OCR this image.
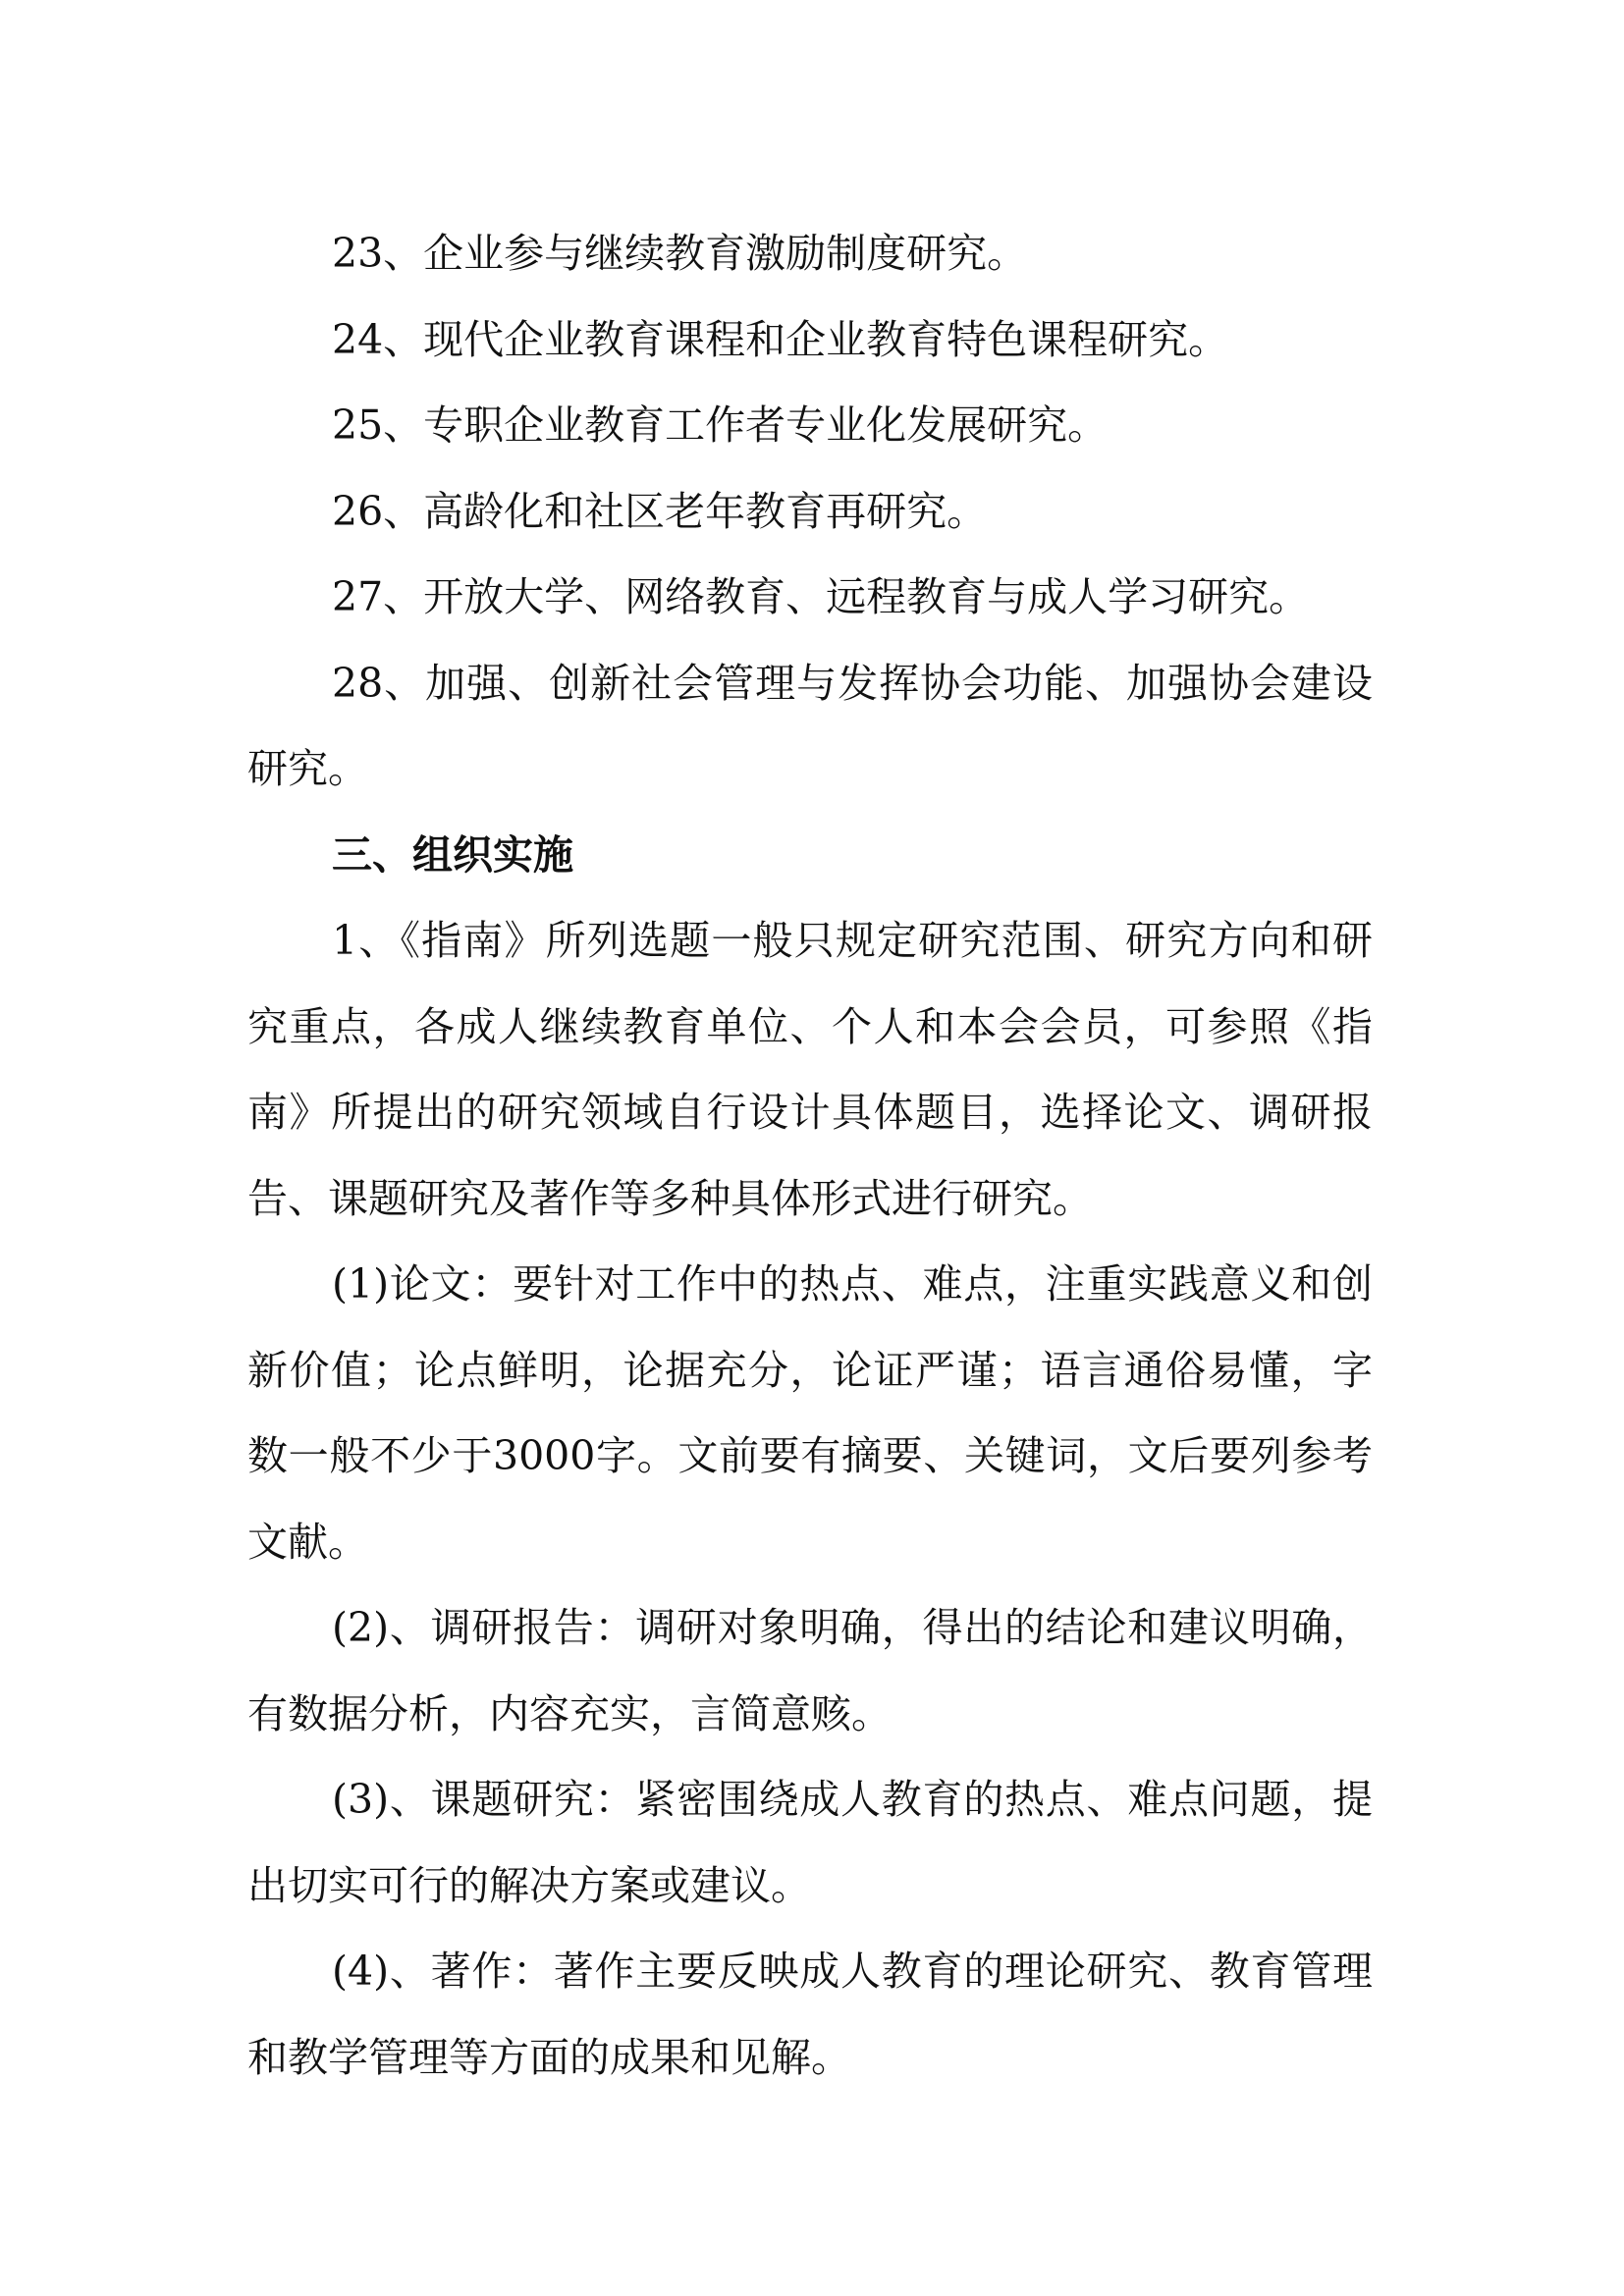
23、企业参与继续教育激励制度研究。

24、现代企业教育课程和企业教育特色课程研究。

25、专职企业教育工作者专业化发展研究。

26、高龄化和社区老年教育再研究。

27、开放大学、网络教育、远程教育与成人学习研究。

28、加强、创新社会管理与发挥协会功能、加强协会建设研究。

三、组织实施

1、《指南》所列选题一般只规定研究范围、研究方向和研究重点，各成人继续教育单位、个人和本会会员，可参照《指南》所提出的研究领域自行设计具体题目，选择论文、调研报告、课题研究及著作等多种具体形式进行研究。

(1)论文：要针对工作中的热点、难点，注重实践意义和创新价值；论点鲜明，论据充分，论证严谨；语言通俗易懂，字数一般不少于3000字。文前要有摘要、关键词，文后要列参考文献。

(2)、调研报告：调研对象明确，得出的结论和建议明确，有数据分析，内容充实，言简意赅。

(3)、课题研究：紧密围绕成人教育的热点、难点问题，提出切实可行的解决方案或建议。

(4)、著作：著作主要反映成人教育的理论研究、教育管理和教学管理等方面的成果和见解。
